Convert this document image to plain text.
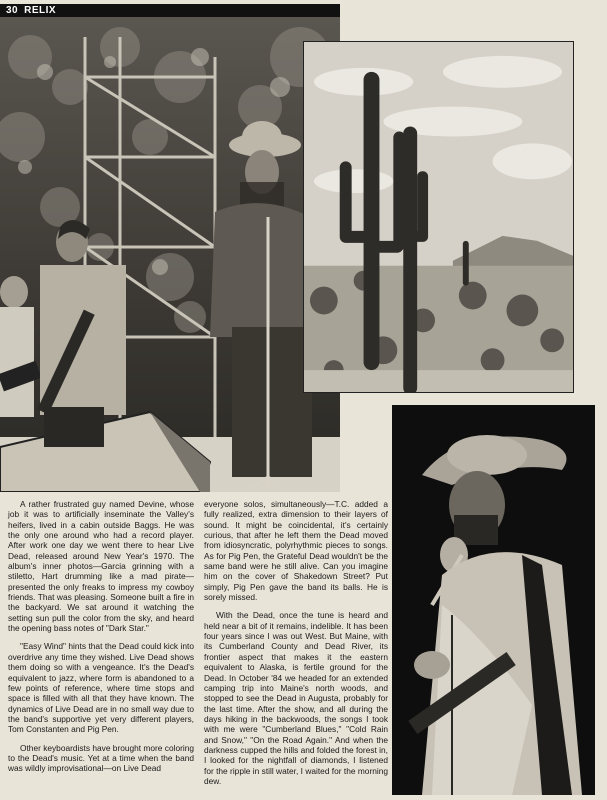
30 RELIX

A rather frustrated guy named Devine, whose job it was to artificially inseminate the Valley's heifers, lived in a cabin outside Baggs. He was the only one around who had a record player. After work one day we went there to hear Live Dead, released around New Year's 1970. The album's inner photos—Garcia grinning with a stiletto, Hart drumming like a mad pirate—presented the only freaks to impress my cowboy friends. That was pleasing. Someone built a fire in the backyard. We sat around it watching the setting sun pull the color from the sky, and heard the opening bass notes of "Dark Star."

"Easy Wind" hints that the Dead could kick into overdrive any time they wished. Live Dead shows them doing so with a vengeance. It's the Dead's equivalent to jazz, where form is abandoned to a few points of reference, where time stops and space is filled with all that they have known. The dynamics of Live Dead are in no small way due to the band's supportive yet very different players, Tom Constanten and Pig Pen.

Other keyboardists have brought more coloring to the Dead's music. Yet at a time when the band was wildly improvisational—on Live Dead

everyone solos, simultaneously—T.C. added a fully realized, extra dimension to their layers of sound. It might be coincidental, it's certainly curious, that after he left them the Dead moved from idiosyncratic, polyrhythmic pieces to songs. As for Pig Pen, the Grateful Dead wouldn't be the same band were he still alive. Can you imagine him on the cover of Shakedown Street? Put simply, Pig Pen gave the band its balls. He is sorely missed.

With the Dead, once the tune is heard and held near a bit of it remains, indelible. It has been four years since I was out West. But Maine, with its Cumberland County and Dead River, its frontier aspect that makes it the eastern equivalent to Alaska, is fertile ground for the Dead. In October '84 we headed for an extended camping trip into Maine's north woods, and stopped to see the Dead in Augusta, probably for the last time. After the show, and all during the days hiking in the backwoods, the songs I took with me were "Cumberland Blues," "Cold Rain and Snow," "On the Road Again." And when the darkness cupped the hills and folded the forest in, I looked for the nightfall of diamonds, I listened for the ripple in still water, I waited for the morning dew.
